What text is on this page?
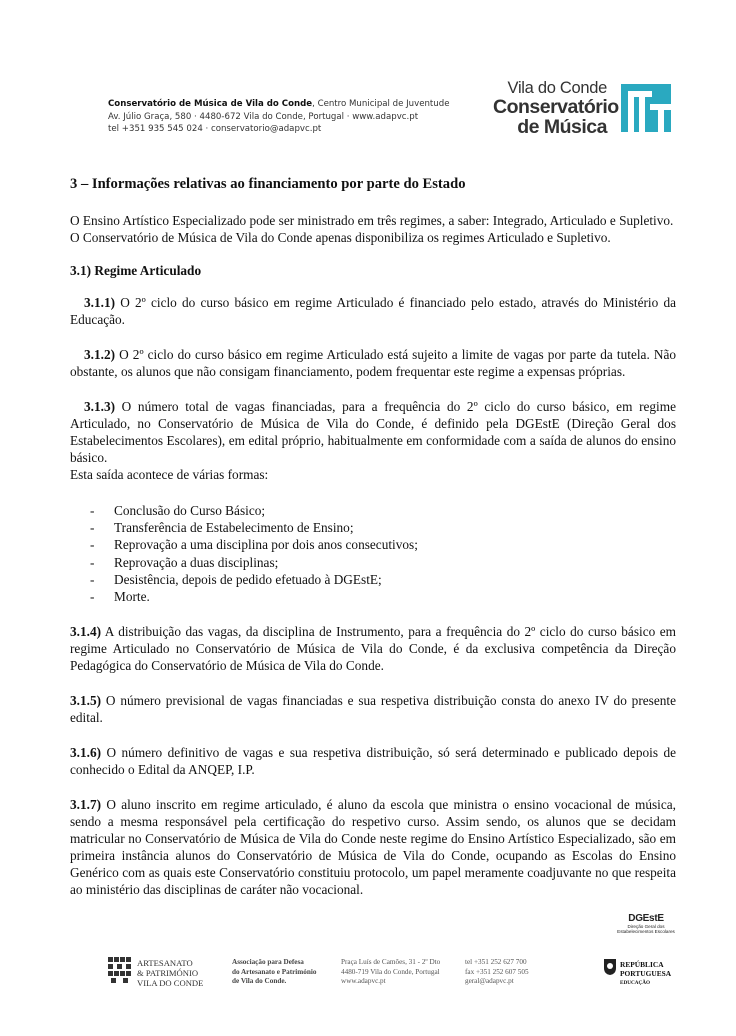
Conservatório de Música de Vila do Conde, Centro Municipal de Juventude
Av. Júlio Graça, 580 · 4480-672 Vila do Conde, Portugal · www.adapvc.pt
tel +351 935 545 024 · conservatorio@adapvc.pt
Vila do Conde
Conservatório
de Música

3 – Informações relativas ao financiamento por parte do Estado

O Ensino Artístico Especializado pode ser ministrado em três regimes, a saber: Integrado, Articulado e Supletivo.

O Conservatório de Música de Vila do Conde apenas disponibiliza os regimes Articulado e Supletivo.

3.1) Regime Articulado

3.1.1) O 2º ciclo do curso básico em regime Articulado é financiado pelo estado, através do Ministério da Educação.

3.1.2) O 2º ciclo do curso básico em regime Articulado está sujeito a limite de vagas por parte da tutela. Não obstante, os alunos que não consigam financiamento, podem frequentar este regime a expensas próprias.

3.1.3) O número total de vagas financiadas, para a frequência do 2º ciclo do curso básico, em regime Articulado, no Conservatório de Música de Vila do Conde, é definido pela DGEstE (Direção Geral dos Estabelecimentos Escolares), em edital próprio, habitualmente em conformidade com a saída de alunos do ensino básico.

Esta saída acontece de várias formas:

- Conclusão do Curso Básico;
- Transferência de Estabelecimento de Ensino;
- Reprovação a uma disciplina por dois anos consecutivos;
- Reprovação a duas disciplinas;
- Desistência, depois de pedido efetuado à DGEstE;
- Morte.

3.1.4) A distribuição das vagas, da disciplina de Instrumento, para a frequência do 2º ciclo do curso básico em regime Articulado no Conservatório de Música de Vila do Conde, é da exclusiva competência da Direção Pedagógica do Conservatório de Música de Vila do Conde.

3.1.5) O número previsional de vagas financiadas e sua respetiva distribuição consta do anexo IV do presente edital.

3.1.6) O número definitivo de vagas e sua respetiva distribuição, só será determinado e publicado depois de conhecido o Edital da ANQEP, I.P.

3.1.7) O aluno inscrito em regime articulado, é aluno da escola que ministra o ensino vocacional de música, sendo a mesma responsável pela certificação do respetivo curso. Assim sendo, os alunos que se decidam matricular no Conservatório de Música de Vila do Conde neste regime do Ensino Artístico Especializado, são em primeira instância alunos do Conservatório de Música de Vila do Conde, ocupando as Escolas do Ensino Genérico com as quais este Conservatório constituiu protocolo, um papel meramente coadjuvante no que respeita ao ministério das disciplinas de caráter não vocacional.

DGEstE
Direção Geral dos
Estabelecimentos Escolares
ARTESANATO
& PATRIMÓNIO
VILA DO CONDE
Associação para Defesa
do Artesanato e Património
de Vila do Conde.
Praça Luís de Camões, 31 - 2º Dto
4480-719 Vila do Conde, Portugal
www.adapvc.pt
tel +351 252 627 700
fax +351 252 607 505
geral@adapvc.pt
REPÚBLICA
PORTUGUESA
EDUCAÇÃO
